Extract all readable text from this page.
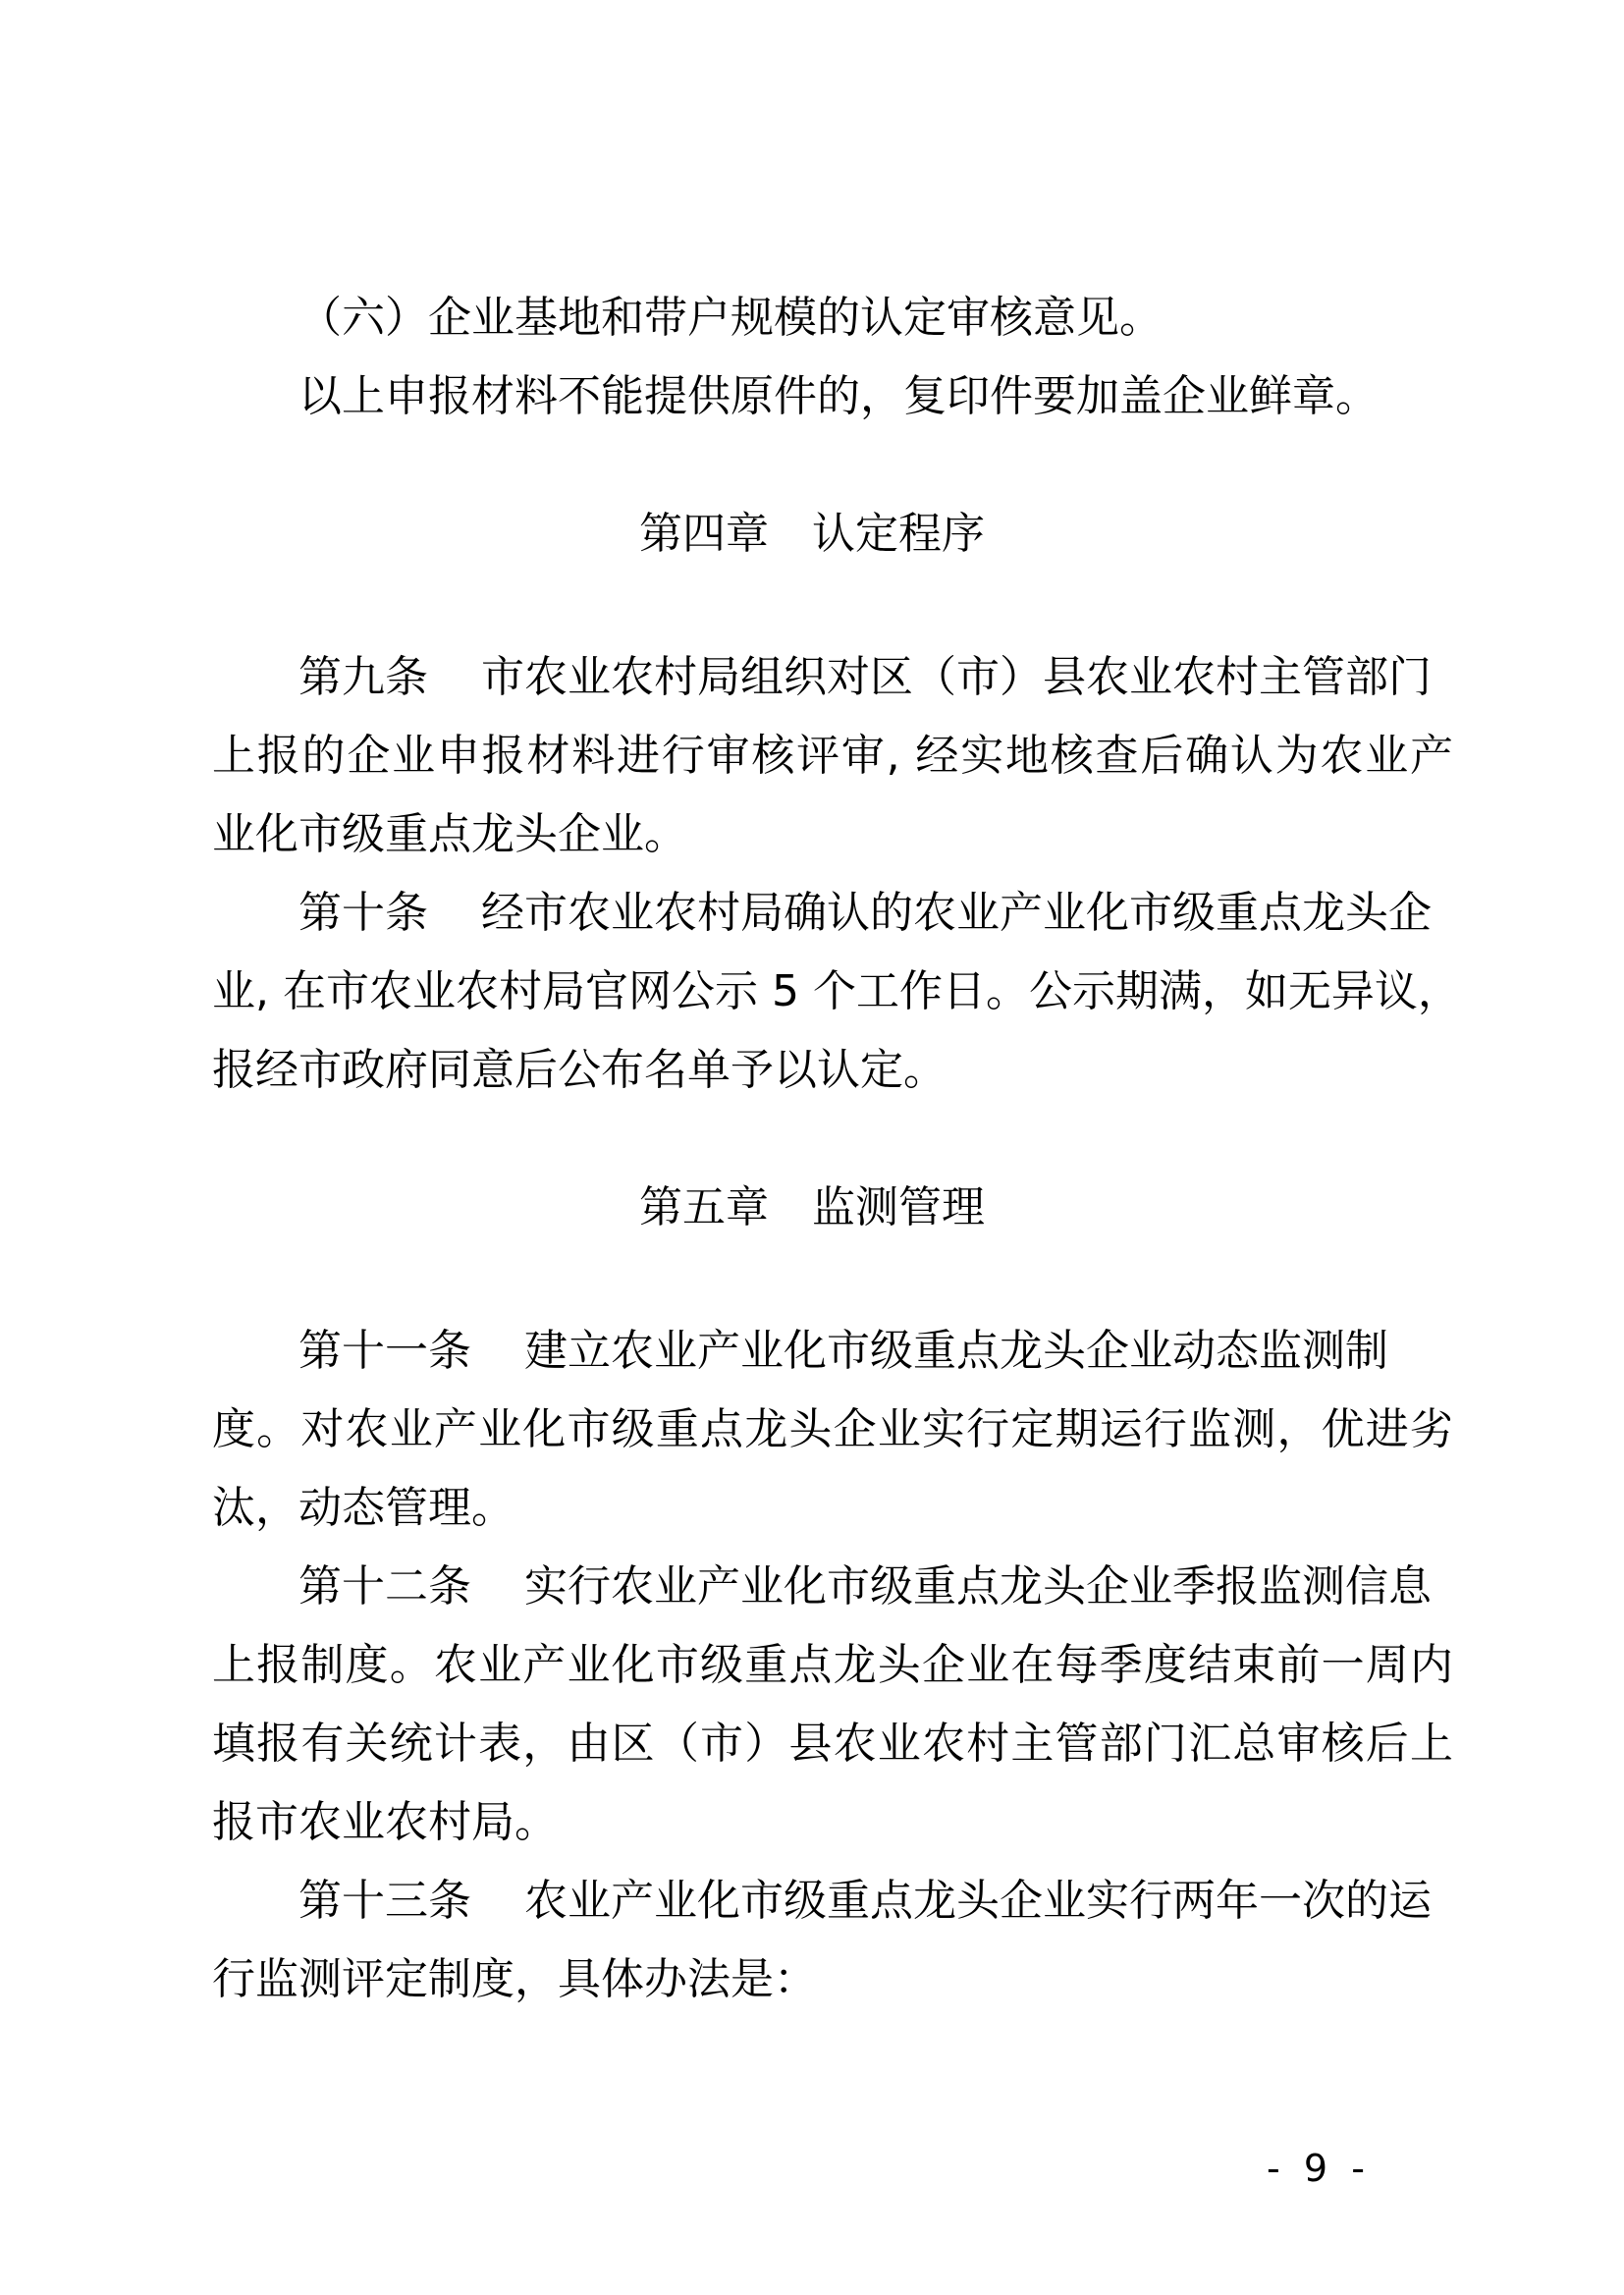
（六）企业基地和带户规模的认定审核意见。
以上申报材料不能提供原件的，复印件要加盖企业鲜章。
第四章　认定程序
第九条 市农业农村局组织对区（市）县农业农村主管部门
上报的企业申报材料进行审核评审, 经实地核查后确认为农业产
业化市级重点龙头企业。
第十条 经市农业农村局确认的农业产业化市级重点龙头企
业, 在市农业农村局官网公示 5 个工作日。公示期满，如无异议，
报经市政府同意后公布名单予以认定。
第五章　监测管理
第十一条 建立农业产业化市级重点龙头企业动态监测制
度。对农业产业化市级重点龙头企业实行定期运行监测，优进劣
汰，动态管理。
第十二条 实行农业产业化市级重点龙头企业季报监测信息
上报制度。农业产业化市级重点龙头企业在每季度结束前一周内
填报有关统计表，由区（市）县农业农村主管部门汇总审核后上
报市农业农村局。
第十三条 农业产业化市级重点龙头企业实行两年一次的运
行监测评定制度，具体办法是：
-  9  -
